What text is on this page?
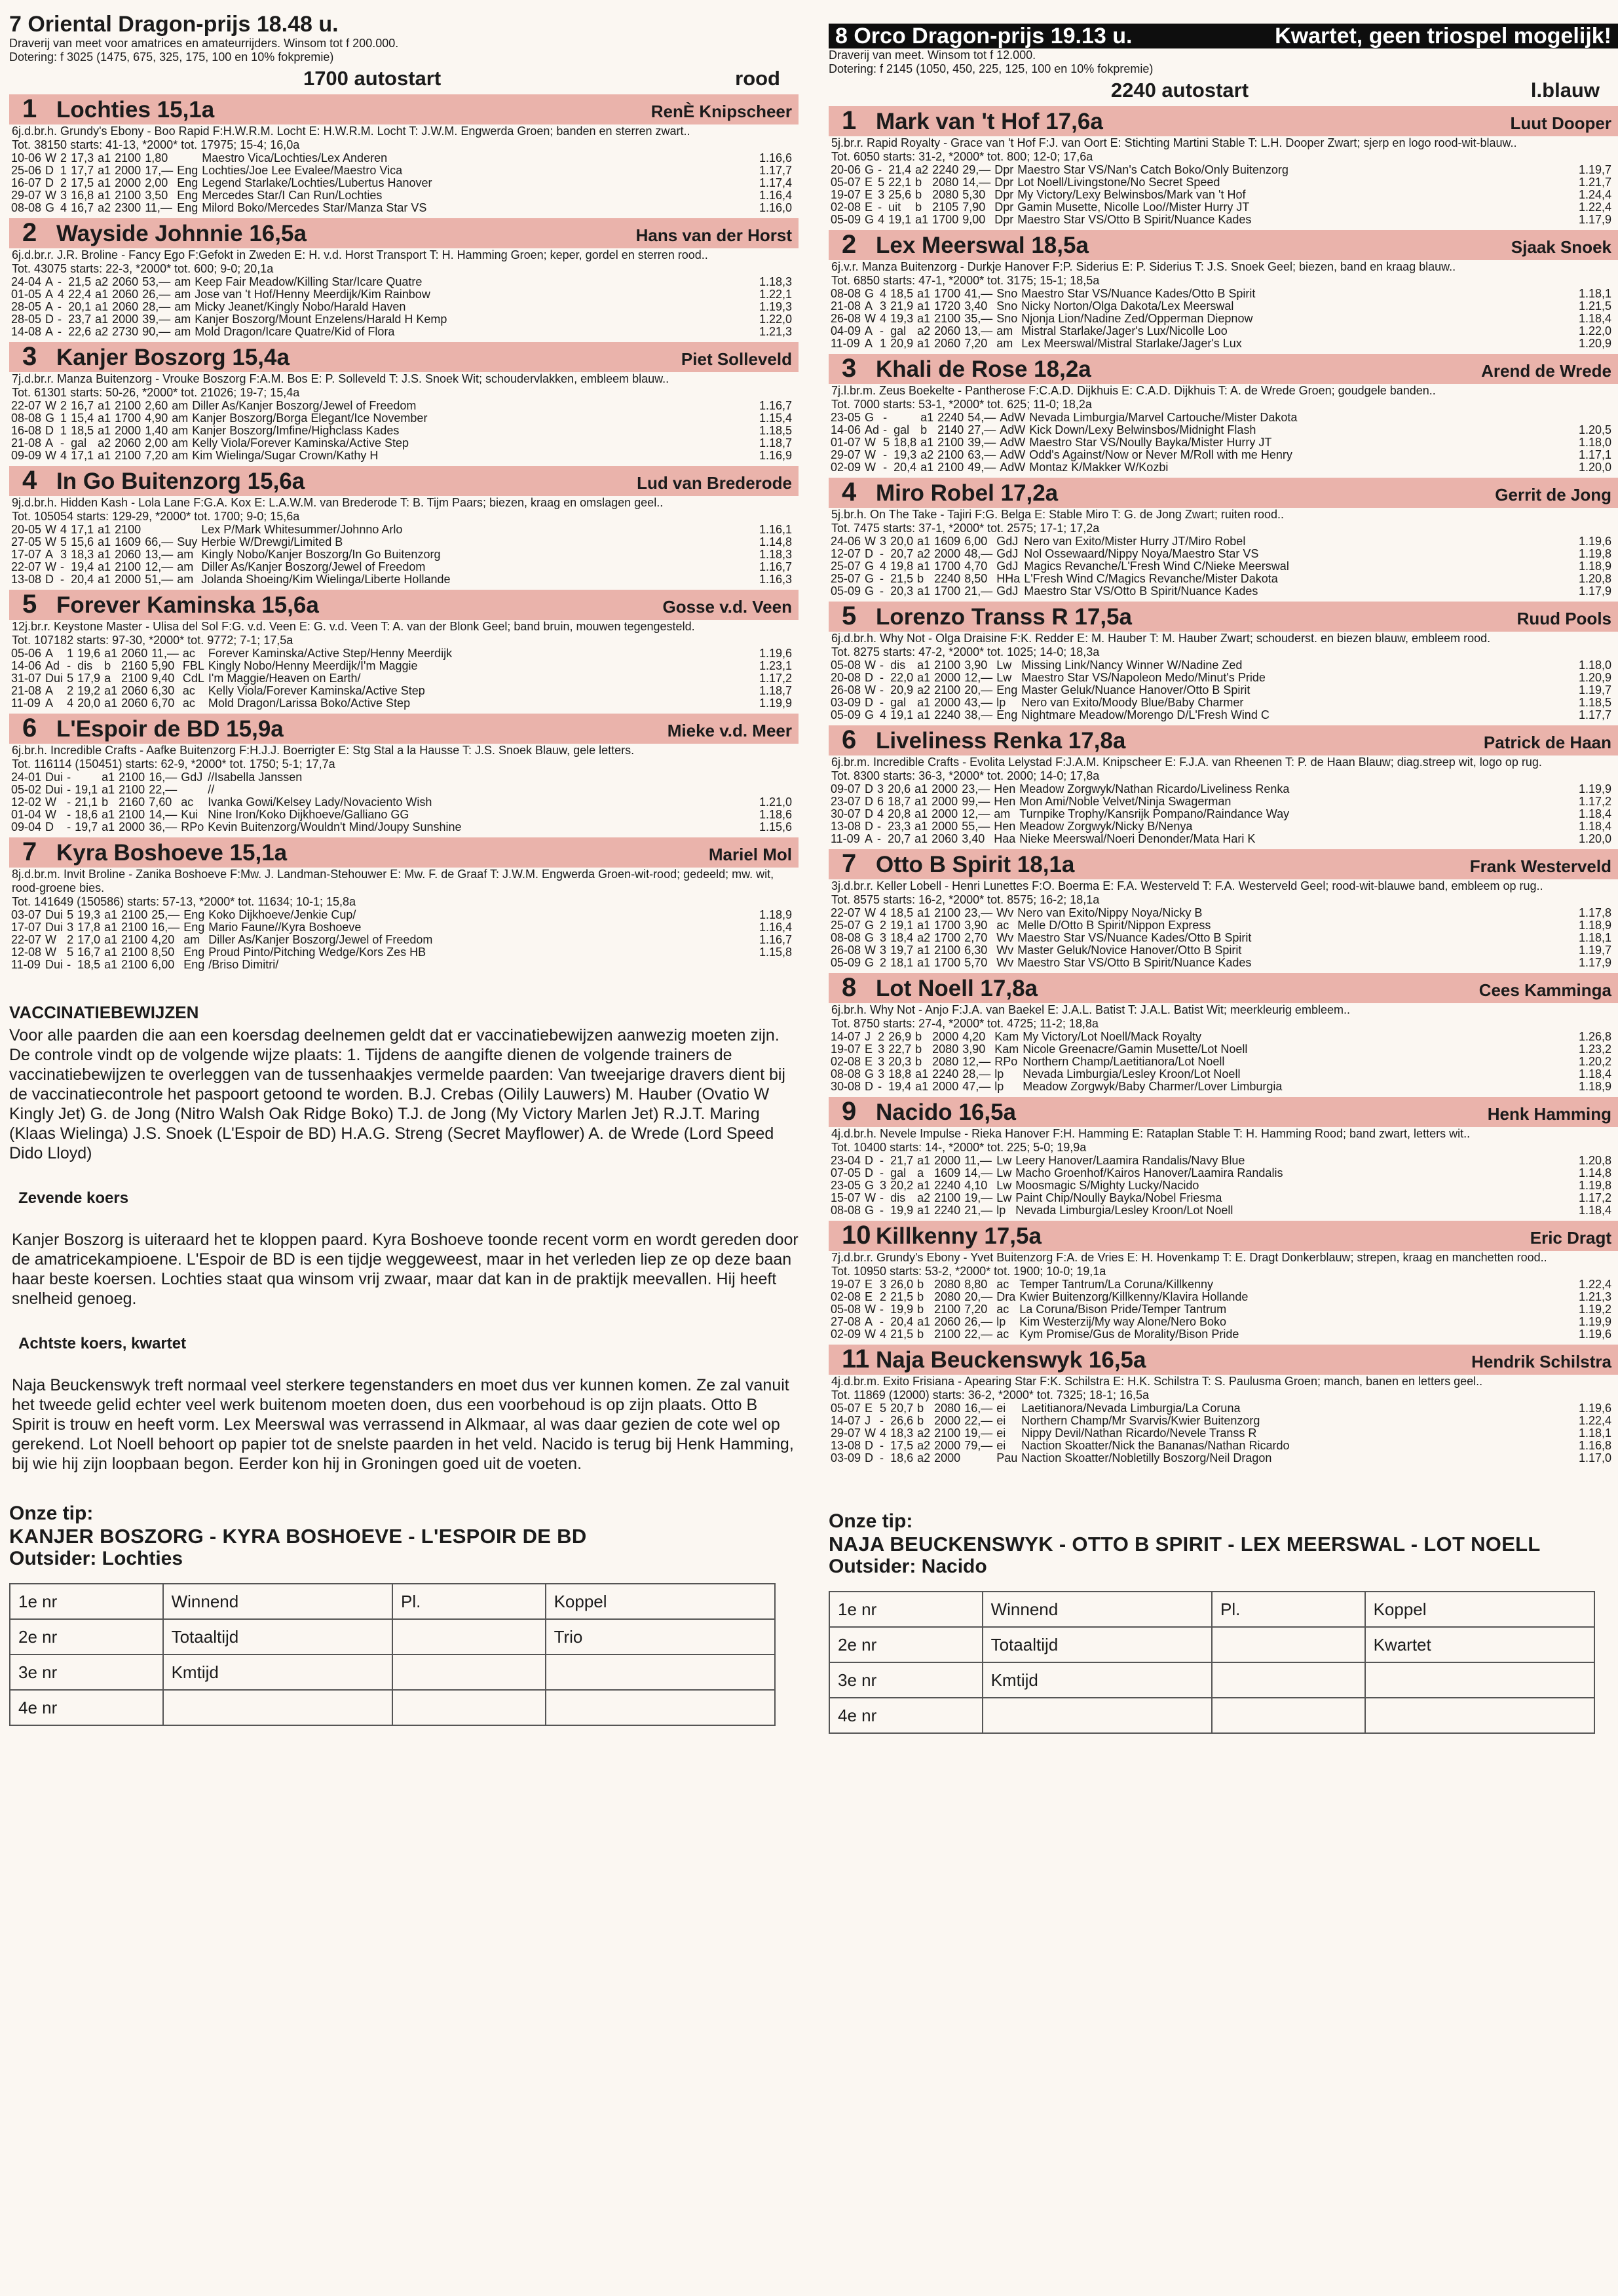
7 Oriental Dragon-prijs 18.48 u.
Draverij van meet voor amatrices en amateurrijders. Winsom tot f 200.000.
Dotering: f 3025 (1475, 675, 325, 175, 100 en 10% fokpremie)
1700 autostart	rood
1 Lochties 15,1a	RenÈ Knipscheer
6j.d.br.h. Grundy's Ebony - Boo Rapid F:H.W.R.M. Locht E: H.W.R.M. Locht T: J.W.M. Engwerda Groen; banden en sterren zwart..
Tot. 38150 starts: 41-13, *2000* tot. 17975; 15-4; 16,0a
10-06	W	2	17,3	a1	2100	1,80		Maestro Vica/Lochties/Lex Anderen	1.16,6
25-06	D	1	17,7	a1	2000	17,—	Eng	Lochties/Joe Lee Evalee/Maestro Vica	1.17,7
16-07	D	2	17,5	a1	2000	2,00	Eng	Legend Starlake/Lochties/Lubertus Hanover	1.17,4
29-07	W	3	16,8	a1	2100	3,50	Eng	Mercedes Star/I Can Run/Lochties	1.16,4
08-08	G	4	16,7	a2	2300	11,—	Eng	Milord Boko/Mercedes Star/Manza Star VS	1.16,0
2 Wayside Johnnie 16,5a	Hans van der Horst
6j.d.br.r. J.R. Broline - Fancy Ego F:Gefokt in Zweden E: H. v.d. Horst Transport T: H. Hamming Groen; keper, gordel en sterren rood..
Tot. 43075 starts: 22-3, *2000* tot. 600; 9-0; 20,1a
24-04	A	-	21,5	a2	2060	53,—	am	Keep Fair Meadow/Killing Star/Icare Quatre	1.18,3
01-05	A	4	22,4	a1	2060	26,—	am	Jose van 't Hof/Henny Meerdijk/Kim Rainbow	1.22,1
28-05	A	-	20,1	a1	2060	28,—	am	Micky Jeanet/Kingly Nobo/Harald Haven	1.19,3
28-05	D	-	23,7	a1	2000	39,—	am	Kanjer Boszorg/Mount Enzelens/Harald H Kemp	1.22,0
14-08	A	-	22,6	a2	2730	90,—	am	Mold Dragon/Icare Quatre/Kid of Flora	1.21,3
3 Kanjer Boszorg 15,4a	Piet Solleveld
7j.d.br.r. Manza Buitenzorg - Vrouke Boszorg F:A.M. Bos E: P. Solleveld T: J.S. Snoek Wit; schoudervlakken, embleem blauw..
Tot. 61301 starts: 50-26, *2000* tot. 21026; 19-7; 15,4a
22-07	W	2	16,7	a1	2100	2,60	am	Diller As/Kanjer Boszorg/Jewel of Freedom	1.16,7
08-08	G	1	15,4	a1	1700	4,90	am	Kanjer Boszorg/Borga Elegant/Ice November	1.15,4
16-08	D	1	18,5	a1	2000	1,40	am	Kanjer Boszorg/Imfine/Highclass Kades	1.18,5
21-08	A	-	gal	a2	2060	2,00	am	Kelly Viola/Forever Kaminska/Active Step	1.18,7
09-09	W	4	17,1	a1	2100	7,20	am	Kim Wielinga/Sugar Crown/Kathy H	1.16,9
4 In Go Buitenzorg 15,6a	Lud van Brederode
9j.d.br.h. Hidden Kash - Lola Lane F:G.A. Kox E: L.A.W.M. van Brederode T: B. Tijm Paars; biezen, kraag en omslagen geel..
Tot. 105054 starts: 129-29, *2000* tot. 1700; 9-0; 15,6a
20-05	W	4	17,1	a1	2100			Lex P/Mark Whitesummer/Johnno Arlo	1.16,1
27-05	W	5	15,6	a1	1609	66,—	Suy	Herbie W/Drewgi/Limited B	1.14,8
17-07	A	3	18,3	a1	2060	13,—	am	Kingly Nobo/Kanjer Boszorg/In Go Buitenzorg	1.18,3
22-07	W	-	19,4	a1	2100	12,—	am	Diller As/Kanjer Boszorg/Jewel of Freedom	1.16,7
13-08	D	-	20,4	a1	2000	51,—	am	Jolanda Shoeing/Kim Wielinga/Liberte Hollande	1.16,3
5 Forever Kaminska 15,6a	Gosse v.d. Veen
12j.br.r. Keystone Master - Ulisa del Sol F:G. v.d. Veen E: G. v.d. Veen T: A. van der Blonk Geel; band bruin, mouwen tegengesteld.
Tot. 107182 starts: 97-30, *2000* tot. 9772; 7-1; 17,5a
05-06	A	1	19,6	a1	2060	11,—	ac	Forever Kaminska/Active Step/Henny Meerdijk	1.19,6
14-06	Ad	-	dis	b	2160	5,90	FBL	Kingly Nobo/Henny Meerdijk/I'm Maggie	1.23,1
31-07	Dui	5	17,9	a	2100	9,40	CdL	I'm Maggie/Heaven on Earth/	1.17,2
21-08	A	2	19,2	a1	2060	6,30	ac	Kelly Viola/Forever Kaminska/Active Step	1.18,7
11-09	A	4	20,0	a1	2060	6,70	ac	Mold Dragon/Larissa Boko/Active Step	1.19,9
6 L'Espoir de BD 15,9a	Mieke v.d. Meer
6j.br.h. Incredible Crafts - Aafke Buitenzorg F:H.J.J. Boerrigter E: Stg Stal a la Hausse T: J.S. Snoek Blauw, gele letters.
Tot. 116114 (150451) starts: 62-9, *2000* tot. 1750; 5-1; 17,7a
24-01	Dui	-		a1	2100	16,—	GdJ	//Isabella Janssen	
05-02	Dui	-	19,1	a1	2100	22,—		//	
12-02	W	-	21,1	b	2160	7,60	ac	Ivanka Gowi/Kelsey Lady/Novaciento Wish	1.21,0
01-04	W	-	18,6	a1	2100	14,—	Kui	Nine Iron/Koko Dijkhoeve/Galliano GG	1.18,6
09-04	D	-	19,7	a1	2000	36,—	RPo	Kevin Buitenzorg/Wouldn't Mind/Joupy Sunshine	1.15,6
7 Kyra Boshoeve 15,1a	Mariel Mol
8j.d.br.m. Invit Broline - Zanika Boshoeve F:Mw. J. Landman-Stehouwer E: Mw. F. de Graaf T: J.W.M. Engwerda Groen-wit-rood; gedeeld; mw. wit, rood-groene bies.
Tot. 141649 (150586) starts: 57-13, *2000* tot. 11634; 10-1; 15,8a
03-07	Dui	5	19,3	a1	2100	25,—	Eng	Koko Dijkhoeve/Jenkie Cup/	1.18,9
17-07	Dui	3	17,8	a1	2100	16,—	Eng	Mario Faune//Kyra Boshoeve	1.16,4
22-07	W	2	17,0	a1	2100	4,20	am	Diller As/Kanjer Boszorg/Jewel of Freedom	1.16,7
12-08	W	5	16,7	a1	2100	8,50	Eng	Proud Pinto/Pitching Wedge/Kors Zes HB	1.15,8
11-09	Dui	-	18,5	a1	2100	6,00	Eng	/Briso Dimitri/	
VACCINATIEBEWIJZEN

Voor alle paarden die aan een koersdag deelnemen geldt dat er vaccinatiebewijzen aanwezig moeten zijn. De controle vindt op de volgende wijze plaats: 1. Tijdens de aangifte dienen de volgende trainers de vaccinatiebewijzen te overleggen van de tussenhaakjes vermelde paarden: Van tweejarige dravers dient bij de vaccinatiecontrole het paspoort getoond te worden. B.J. Crebas (Oilily Lauwers) M. Hauber (Ovatio W Kingly Jet) G. de Jong (Nitro Walsh Oak Ridge Boko) T.J. de Jong (My Victory Marlen Jet) R.J.T. Maring (Klaas Wielinga) J.S. Snoek (L'Espoir de BD) H.A.G. Streng (Secret Mayflower) A. de Wrede (Lord Speed Dido Lloyd)

Zevende koers

Kanjer Boszorg is uiteraard het te kloppen paard. Kyra Boshoeve toonde recent vorm en wordt gereden door de amatricekampioene. L'Espoir de BD is een tijdje weggeweest, maar in het verleden liep ze op deze baan haar beste koersen. Lochties staat qua winsom vrij zwaar, maar dat kan in de praktijk meevallen. Hij heeft snelheid genoeg.

Achtste koers, kwartet

Naja Beuckenswyk treft normaal veel sterkere tegenstanders en moet dus ver kunnen komen. Ze zal vanuit het tweede gelid echter veel werk buitenom moeten doen, dus een voorbehoud is op zijn plaats. Otto B Spirit is trouw en heeft vorm. Lex Meerswal was verrassend in Alkmaar, al was daar gezien de cote wel op gerekend. Lot Noell behoort op papier tot de snelste paarden in het veld. Nacido is terug bij Henk Hamming, bij wie hij zijn loopbaan begon. Eerder kon hij in Groningen goed uit de voeten.

Onze tip:
KANJER BOSZORG - KYRA BOSHOEVE - L'ESPOIR DE BD
Outsider: Lochties
1e nr	Winnend	Pl.	Koppel
2e nr	Totaaltijd		Trio
3e nr	Kmtijd		
4e nr			
8 Orco Dragon-prijs 19.13 u.	Kwartet, geen triospel mogelijk!
Draverij van meet. Winsom tot f 12.000.
Dotering: f 2145 (1050, 450, 225, 125, 100 en 10% fokpremie)
2240 autostart	l.blauw
1 Mark van 't Hof 17,6a	Luut Dooper
5j.br.r. Rapid Royalty - Grace van 't Hof F:J. van Oort E: Stichting Martini Stable T: L.H. Dooper Zwart; sjerp en logo rood-wit-blauw..
Tot. 6050 starts: 31-2, *2000* tot. 800; 12-0; 17,6a
20-06	G	-	21,4	a2	2240	29,—	Dpr	Maestro Star VS/Nan's Catch Boko/Only Buitenzorg	1.19,7
05-07	E	5	22,1	b	2080	14,—	Dpr	Lot Noell/Livingstone/No Secret Speed	1.21,7
19-07	E	3	25,6	b	2080	5,30	Dpr	My Victory/Lexy Belwinsbos/Mark van 't Hof	1.24,4
02-08	E	-	uit	b	2105	7,90	Dpr	Gamin Musette, Nicolle Loo//Mister Hurry JT	1.22,4
05-09	G	4	19,1	a1	1700	9,00	Dpr	Maestro Star VS/Otto B Spirit/Nuance Kades	1.17,9
2 Lex Meerswal 18,5a	Sjaak Snoek
6j.v.r. Manza Buitenzorg - Durkje Hanover F:P. Siderius E: P. Siderius T: J.S. Snoek Geel; biezen, band en kraag blauw..
Tot. 6850 starts: 47-1, *2000* tot. 3175; 15-1; 18,5a
08-08	G	4	18,5	a1	1700	41,—	Sno	Maestro Star VS/Nuance Kades/Otto B Spirit	1.18,1
21-08	A	3	21,9	a1	1720	3,40	Sno	Nicky Norton/Olga Dakota/Lex Meerswal	1.21,5
26-08	W	4	19,3	a1	2100	35,—	Sno	Njonja Lion/Nadine Zed/Opperman Diepnow	1.18,4
04-09	A	-	gal	a2	2060	13,—	am	Mistral Starlake/Jager's Lux/Nicolle Loo	1.22,0
11-09	A	1	20,9	a1	2060	7,20	am	Lex Meerswal/Mistral Starlake/Jager's Lux	1.20,9
3 Khali de Rose 18,2a	Arend de Wrede
7j.l.br.m. Zeus Boekelte - Pantherose F:C.A.D. Dijkhuis E: C.A.D. Dijkhuis T: A. de Wrede Groen; goudgele banden..
Tot. 7000 starts: 53-1, *2000* tot. 625; 11-0; 18,2a
23-05	G	-		a1	2240	54,—	AdW	Nevada Limburgia/Marvel Cartouche/Mister Dakota	
14-06	Ad	-	gal	b	2140	27,—	AdW	Kick Down/Lexy Belwinsbos/Midnight Flash	1.20,5
01-07	W	5	18,8	a1	2100	39,—	AdW	Maestro Star VS/Noully Bayka/Mister Hurry JT	1.18,0
29-07	W	-	19,3	a2	2100	63,—	AdW	Odd's Against/Now or Never M/Roll with me Henry	1.17,1
02-09	W	-	20,4	a1	2100	49,—	AdW	Montaz K/Makker W/Kozbi	1.20,0
4 Miro Robel 17,2a	Gerrit de Jong
5j.br.h. On The Take - Tajiri F:G. Belga E: Stable Miro T: G. de Jong Zwart; ruiten rood..
Tot. 7475 starts: 37-1, *2000* tot. 2575; 17-1; 17,2a
24-06	W	3	20,0	a1	1609	6,00	GdJ	Nero van Exito/Mister Hurry JT/Miro Robel	1.19,6
12-07	D	-	20,7	a2	2000	48,—	GdJ	Nol Ossewaard/Nippy Noya/Maestro Star VS	1.19,8
25-07	G	4	19,8	a1	1700	4,70	GdJ	Magics Revanche/L'Fresh Wind C/Nieke Meerswal	1.18,9
25-07	G	-	21,5	b	2240	8,50	HHa	L'Fresh Wind C/Magics Revanche/Mister Dakota	1.20,8
05-09	G	-	20,3	a1	1700	21,—	GdJ	Maestro Star VS/Otto B Spirit/Nuance Kades	1.17,9
5 Lorenzo Transs R 17,5a	Ruud Pools
6j.d.br.h. Why Not - Olga Draisine F:K. Redder E: M. Hauber T: M. Hauber Zwart; schouderst. en biezen blauw, embleem rood.
Tot. 8275 starts: 47-2, *2000* tot. 1025; 14-0; 18,3a
05-08	W	-	dis	a1	2100	3,90	Lw	Missing Link/Nancy Winner W/Nadine Zed	1.18,0
20-08	D	-	22,0	a1	2000	12,—	Lw	Maestro Star VS/Napoleon Medo/Minut's Pride	1.20,9
26-08	W	-	20,9	a2	2100	20,—	Eng	Master Geluk/Nuance Hanover/Otto B Spirit	1.19,7
03-09	D	-	gal	a1	2000	43,—	lp	Nero van Exito/Moody Blue/Baby Charmer	1.18,5
05-09	G	4	19,1	a1	2240	38,—	Eng	Nightmare Meadow/Morengo D/L'Fresh Wind C	1.17,7
6 Liveliness Renka 17,8a	Patrick de Haan
6j.br.m. Incredible Crafts - Evolita Lelystad F:J.A.M. Knipscheer E: F.J.A. van Rheenen T: P. de Haan Blauw; diag.streep wit, logo op rug.
Tot. 8300 starts: 36-3, *2000* tot. 2000; 14-0; 17,8a
09-07	D	3	20,6	a1	2000	23,—	Hen	Meadow Zorgwyk/Nathan Ricardo/Liveliness Renka	1.19,9
23-07	D	6	18,7	a1	2000	99,—	Hen	Mon Ami/Noble Velvet/Ninja Swagerman	1.17,2
30-07	D	4	20,8	a1	2000	12,—	am	Turnpike Trophy/Kansrijk Pompano/Raindance Way	1.18,4
13-08	D	-	23,3	a1	2000	55,—	Hen	Meadow Zorgwyk/Nicky B/Nenya	1.18,4
11-09	A	-	20,7	a1	2060	3,40	Haa	Nieke Meerswal/Noeri Denonder/Mata Hari K	1.20,0
7 Otto B Spirit 18,1a	Frank Westerveld
3j.d.br.r. Keller Lobell - Henri Lunettes F:O. Boerma E: F.A. Westerveld T: F.A. Westerveld Geel; rood-wit-blauwe band, embleem op rug..
Tot. 8575 starts: 16-2, *2000* tot. 8575; 16-2; 18,1a
22-07	W	4	18,5	a1	2100	23,—	Wv	Nero van Exito/Nippy Noya/Nicky B	1.17,8
25-07	G	2	19,1	a1	1700	3,90	ac	Melle D/Otto B Spirit/Nippon Express	1.18,9
08-08	G	3	18,4	a2	1700	2,70	Wv	Maestro Star VS/Nuance Kades/Otto B Spirit	1.18,1
26-08	W	3	19,7	a1	2100	6,30	Wv	Master Geluk/Novice Hanover/Otto B Spirit	1.19,7
05-09	G	2	18,1	a1	1700	5,70	Wv	Maestro Star VS/Otto B Spirit/Nuance Kades	1.17,9
8 Lot Noell 17,8a	Cees Kamminga
6j.br.h. Why Not - Anjo F:J.A. van Baekel E: J.A.L. Batist T: J.A.L. Batist Wit; meerkleurig embleem..
Tot. 8750 starts: 27-4, *2000* tot. 4725; 11-2; 18,8a
14-07	J	2	26,9	b	2000	4,20	Kam	My Victory/Lot Noell/Mack Royalty	1.26,8
19-07	E	3	22,7	b	2080	3,90	Kam	Nicole Greenacre/Gamin Musette/Lot Noell	1.23,2
02-08	E	3	20,3	b	2080	12,—	RPo	Northern Champ/Laetitianora/Lot Noell	1.20,2
08-08	G	3	18,8	a1	2240	28,—	lp	Nevada Limburgia/Lesley Kroon/Lot Noell	1.18,4
30-08	D	-	19,4	a1	2000	47,—	lp	Meadow Zorgwyk/Baby Charmer/Lover Limburgia	1.18,9
9 Nacido 16,5a	Henk Hamming
4j.d.br.h. Nevele Impulse - Rieka Hanover F:H. Hamming E: Rataplan Stable T: H. Hamming Rood; band zwart, letters wit..
Tot. 10400 starts: 14-, *2000* tot. 225; 5-0; 19,9a
23-04	D	-	21,7	a1	2000	11,—	Lw	Leery Hanover/Laamira Randalis/Navy Blue	1.20,8
07-05	D	-	gal	a	1609	14,—	Lw	Macho Groenhof/Kairos Hanover/Laamira Randalis	1.14,8
23-05	G	3	20,2	a1	2240	4,10	Lw	Moosmagic S/Mighty Lucky/Nacido	1.19,8
15-07	W	-	dis	a2	2100	19,—	Lw	Paint Chip/Noully Bayka/Nobel Friesma	1.17,2
08-08	G	-	19,9	a1	2240	21,—	lp	Nevada Limburgia/Lesley Kroon/Lot Noell	1.18,4
10 Killkenny 17,5a	Eric Dragt
7j.d.br.r. Grundy's Ebony - Yvet Buitenzorg F:A. de Vries E: H. Hovenkamp T: E. Dragt Donkerblauw; strepen, kraag en manchetten rood..
Tot. 10950 starts: 53-2, *2000* tot. 1900; 10-0; 19,1a
19-07	E	3	26,0	b	2080	8,80	ac	Temper Tantrum/La Coruna/Killkenny	1.22,4
02-08	E	2	21,5	b	2080	20,—	Dra	Kwier Buitenzorg/Killkenny/Klavira Hollande	1.21,3
05-08	W	-	19,9	b	2100	7,20	ac	La Coruna/Bison Pride/Temper Tantrum	1.19,2
27-08	A	-	20,4	a1	2060	26,—	lp	Kim Westerzij/My way Alone/Nero Boko	1.19,9
02-09	W	4	21,5	b	2100	22,—	ac	Kym Promise/Gus de Morality/Bison Pride	1.19,6
11 Naja Beuckenswyk 16,5a	Hendrik Schilstra
4j.d.br.m. Exito Frisiana - Apearing Star F:K. Schilstra E: H.K. Schilstra T: S. Paulusma Groen; manch, banen en letters geel..
Tot. 11869 (12000) starts: 36-2, *2000* tot. 7325; 18-1; 16,5a
05-07	E	5	20,7	b	2080	16,—	ei	Laetitianora/Nevada Limburgia/La Coruna	1.19,6
14-07	J	-	26,6	b	2000	22,—	ei	Northern Champ/Mr Svarvis/Kwier Buitenzorg	1.22,4
29-07	W	4	18,3	a2	2100	19,—	ei	Nippy Devil/Nathan Ricardo/Nevele Transs R	1.18,1
13-08	D	-	17,5	a2	2000	79,—	ei	Naction Skoatter/Nick the Bananas/Nathan Ricardo	1.16,8
03-09	D	-	18,6	a2	2000		Pau	Naction Skoatter/Nobletilly Boszorg/Neil Dragon	1.17,0
Onze tip:
NAJA BEUCKENSWYK - OTTO B SPIRIT - LEX MEERSWAL - LOT NOELL
Outsider: Nacido
1e nr	Winnend	Pl.	Koppel
2e nr	Totaaltijd		Kwartet
3e nr	Kmtijd		
4e nr			
